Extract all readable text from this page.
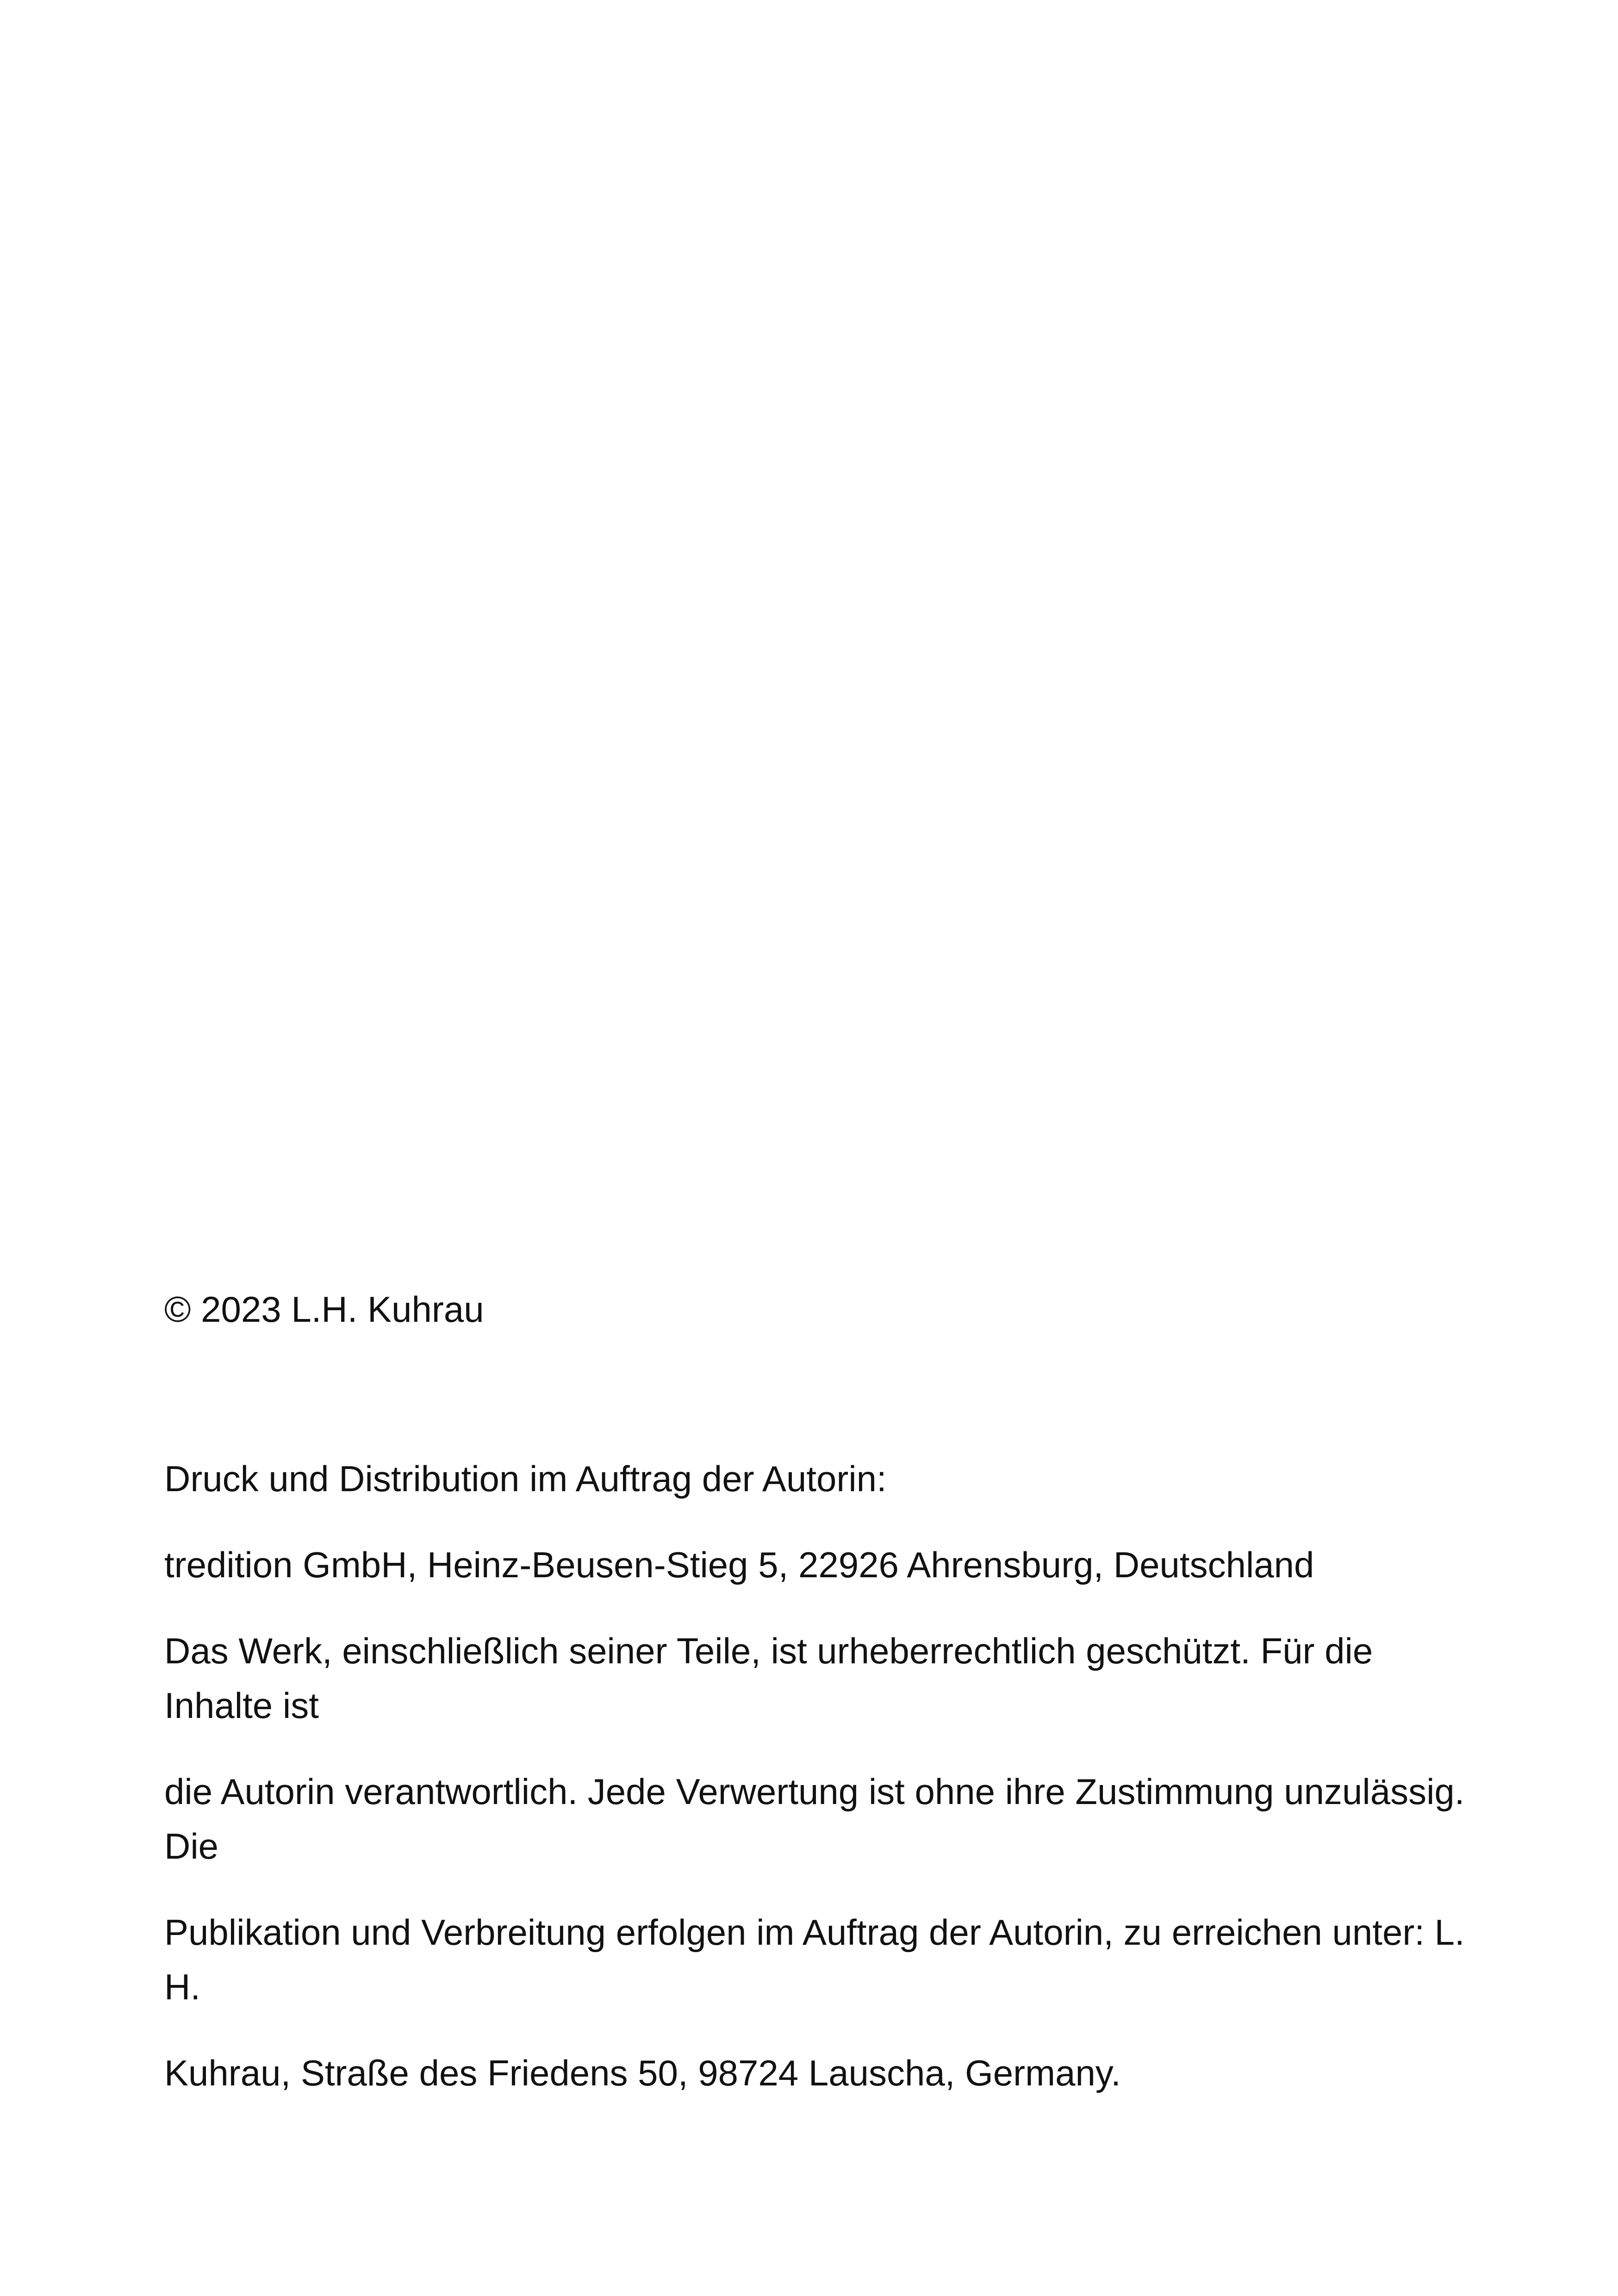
© 2023 L.H. Kuhrau

Druck und Distribution im Auftrag der Autorin:

tredition GmbH, Heinz-Beusen-Stieg 5, 22926 Ahrensburg, Deutschland

Das Werk, einschließlich seiner Teile, ist urheberrechtlich geschützt. Für die Inhalte ist

die Autorin verantwortlich. Jede Verwertung ist ohne ihre Zustimmung unzulässig. Die

Publikation und Verbreitung erfolgen im Auftrag der Autorin, zu erreichen unter: L. H.

Kuhrau, Straße des Friedens 50, 98724 Lauscha, Germany.
